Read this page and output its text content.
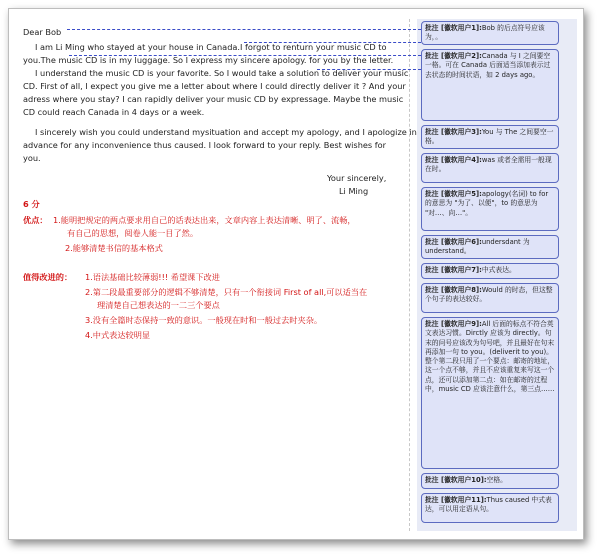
Dear Bob
I am Li Ming who stayed at your house in Canada.I forgot to renturn your music CD to
you.The music CD is in my luggage. So I express my sincere apology. for you by the letter.
I understand the music CD is your favorite. So I would take a solution to deliver your music
CD. First of all, I expect you give me a letter about where I could directly deliver it ? And your
adress where you stay? I can rapidly deliver your music CD by expressage. Maybe the music
CD could reach Canada in 4 days or a week.
I sincerely wish you could understand mysituation and accept my apology, and I apologize in
advance for any inconvenience thus caused. I look forward to your reply. Best wishes for
you.
Your sincerely,
Li Ming
6 分
优点： 1.能明把规定的两点要求用自己的话表达出来，文章内容上表达清晰、明了、流畅，
有自己的思想，阅卷人能一目了然。
2.能够清楚书信的基本格式
值得改进的： 1.语法基础比较薄弱!!! 希望课下改进
2.第二段最重要部分的逻辑不够清楚，只有一个衔接词 First of all,可以适当在
理清楚自己想表达的一二三个要点
3.没有全篇时态保持一致的意识。一般现在时和一般过去时夹杂。
4.中式表达较明显
批注 [徽软用户1]:Bob 的后点符号应该为，。
批注 [徽软用户2]:Canada 与 I 之间要空一格。可在 Canada 后面适当添加表示过去状态的时间状语，如 2 days ago。
批注 [徽软用户3]:You 与 The 之间要空一格。
批注 [徽软用户4]:was 或者全需用一般现在时。
批注 [徽软用户5]:apology(名词) to for 的意思为 "为了、以便"，to 的意思为 "对…、向…"。
批注 [徽软用户6]:undersdant 为 understand。
批注 [徽软用户7]:中式表达。
批注 [徽软用户8]:Would 的时态，但这整个句子的表达较好。
批注 [徽软用户9]:All 后面的标点不符合英文表达习惯。Dirctly 应该为 directly。句末的问号应该改为句号吧，并且最好在句末再添加一句 to you。(deliverit to you)。整个第二段只用了一个要点：邮寄的地址，这一个点不够，并且不应该重复来写这一个点，还可以添加第二点：如在邮寄的过程中，music CD 应该注意什么，第三点……
批注 [徽软用户10]:空格。
批注 [徽软用户11]:Thus caused 中式表达，可以用定语从句。
